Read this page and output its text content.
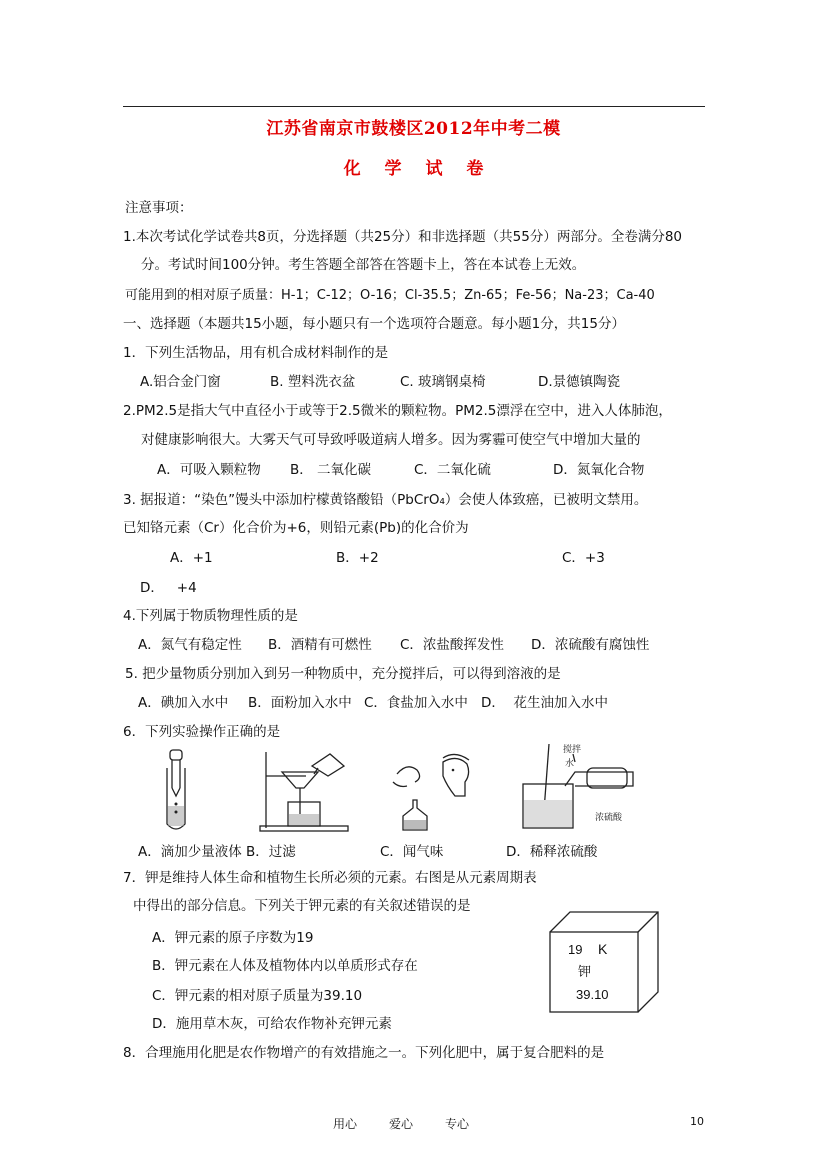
江苏省南京市鼓楼区2012年中考二模
化 学 试 卷
注意事项：
1.本次考试化学试卷共8页，分选择题（共25分）和非选择题（共55分）两部分。全卷满分80
分。考试时间100分钟。考生答题全部答在答题卡上，答在本试卷上无效。
可能用到的相对原子质量：H-1；C-12；O-16；Cl-35.5；Zn-65；Fe-56；Na-23；Ca-40
一、选择题（本题共15小题，每小题只有一个选项符合题意。每小题1分，共15分）
1．下列生活物品，用有机合成材料制作的是
A.铝合金门窗	B. 塑料洗衣盆	C. 玻璃钢桌椅	D.景德镇陶瓷
2.PM2.5是指大气中直径小于或等于2.5微米的颗粒物。PM2.5漂浮在空中，进入人体肺泡，
对健康影响很大。大雾天气可导致呼吸道病人增多。因为雾霾可使空气中增加大量的
A．可吸入颗粒物 B． 二氧化碳	C．二氧化硫	D．氮氧化合物
3. 据报道：“染色”馒头中添加柠檬黄铬酸铅（PbCrO₄）会使人体致癌，已被明文禁用。
已知铬元素（Cr）化合价为+6，则铅元素(Pb)的化合价为
A．+1	B．+2	C．+3
D．   +4
4.下列属于物质物理性质的是
A．氮气有稳定性 B．酒精有可燃性 C．浓盐酸挥发性 D．浓硫酸有腐蚀性
5. 把少量物质分别加入到另一种物质中，充分搅拌后，可以得到溶液的是
A．碘加入水中 B．面粉加入水中 C．食盐加入水中 D．  花生油加入水中
6．下列实验操作正确的是
搅拌
水
浓硫酸
A．滴加少量液体 B．过滤	C．闻气味	D．稀释浓硫酸
7．钾是维持人体生命和植物生长所必须的元素。右图是从元素周期表
中得出的部分信息。下列关于钾元素的有关叙述错误的是
A．钾元素的原子序数为19
B．钾元素在人体及植物体内以单质形式存在
C．钾元素的相对原子质量为39.10
D．施用草木灰，可给农作物补充钾元素
19 K
钾
39.10
8．合理施用化肥是农作物增产的有效措施之一。下列化肥中，属于复合肥料的是
用心	爱心	专心	10
